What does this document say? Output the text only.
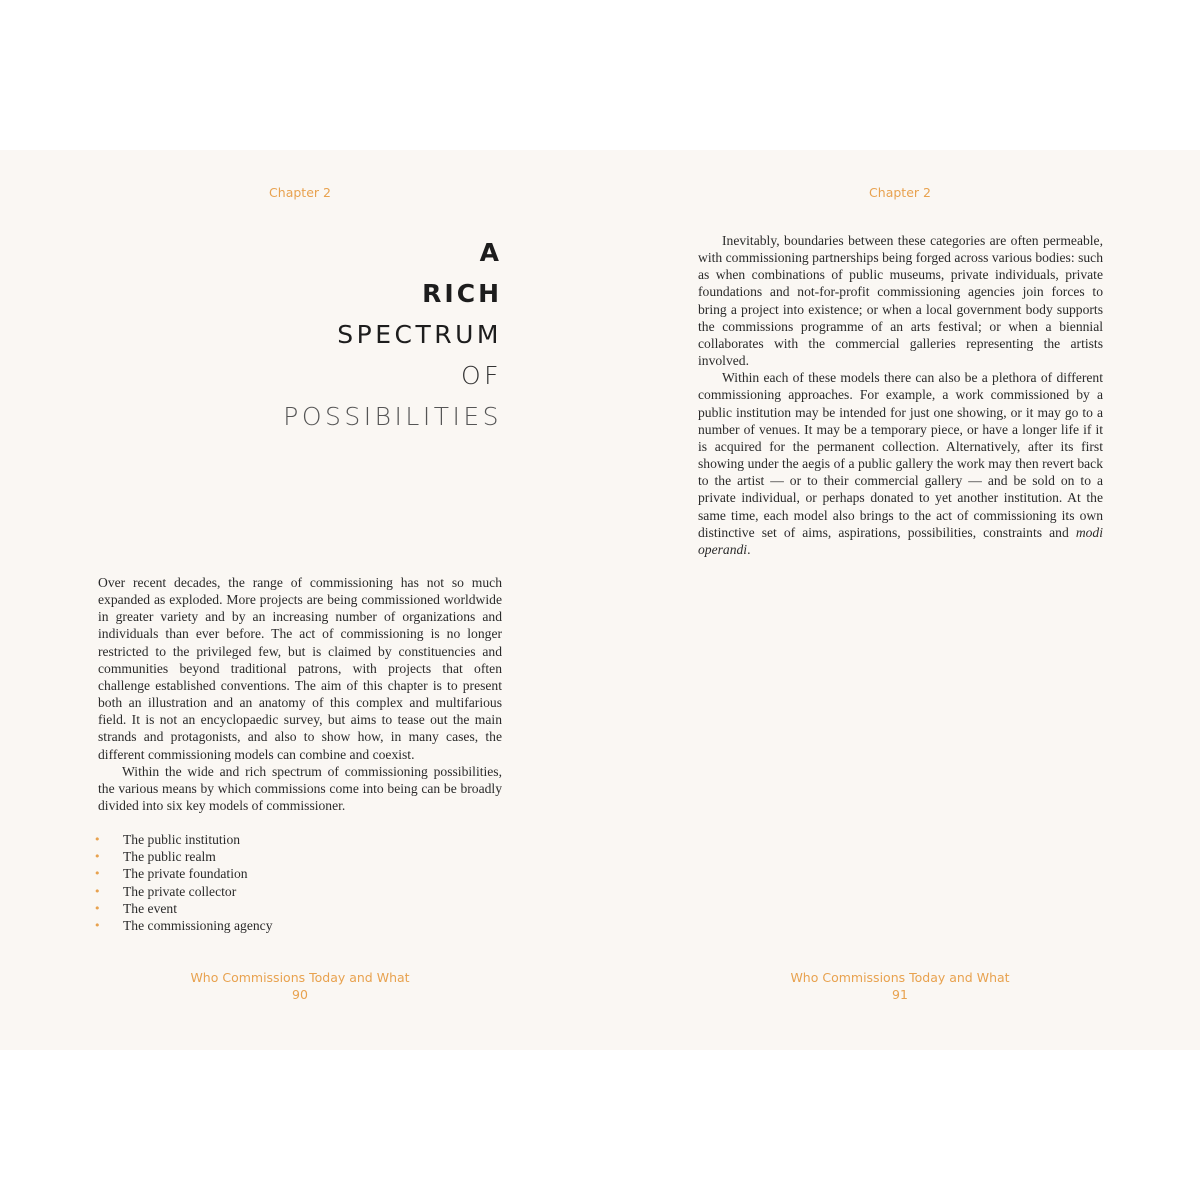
Chapter 2
A
RICH
SPECTRUM
OF
POSSIBILITIES

Over recent decades, the range of commissioning has not so much expanded as exploded. More projects are being commissioned worldwide in greater variety and by an increasing number of organizations and individuals than ever before. The act of commissioning is no longer restricted to the privileged few, but is claimed by constituencies and communities beyond traditional patrons, with projects that often challenge established conventions. The aim of this chapter is to present both an illustration and an anatomy of this complex and multifarious field. It is not an encyclopaedic survey, but aims to tease out the main strands and protagonists, and also to show how, in many cases, the different commissioning models can combine and coexist.

Within the wide and rich spectrum of commissioning possibilities, the various means by which commissions come into being can be broadly divided into six key models of commissioner.

• The public institution
• The public realm
• The private foundation
• The private collector
• The event
• The commissioning agency
Who Commissions Today and What
90
Chapter 2

Inevitably, boundaries between these categories are often permeable, with commissioning partnerships being forged across various bodies: such as when combinations of public museums, private individuals, private foundations and not-for-profit commissioning agencies join forces to bring a project into existence; or when a local government body supports the commissions programme of an arts festival; or when a biennial collaborates with the commercial galleries representing the artists involved.

Within each of these models there can also be a plethora of different commissioning approaches. For example, a work commissioned by a public institution may be intended for just one showing, or it may go to a number of venues. It may be a temporary piece, or have a longer life if it is acquired for the permanent collection. Alternatively, after its first showing under the aegis of a public gallery the work may then revert back to the artist — or to their commercial gallery — and be sold on to a private individual, or perhaps donated to yet another institution. At the same time, each model also brings to the act of commissioning its own distinctive set of aims, aspirations, possibilities, constraints and modi operandi.

Who Commissions Today and What
91
